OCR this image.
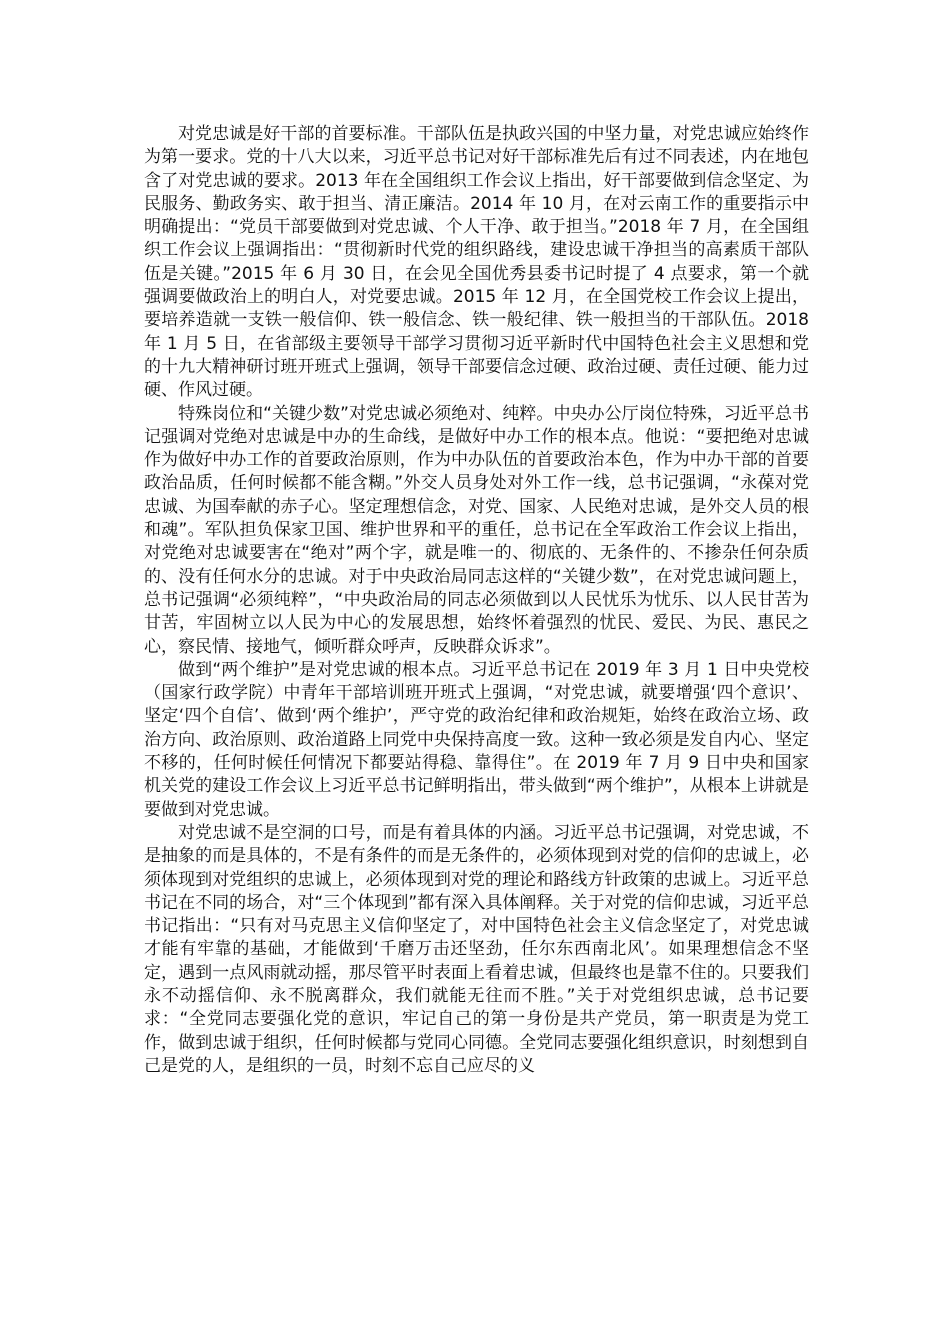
对党忠诚是好干部的首要标准。干部队伍是执政兴国的中坚力量，对党忠诚应始终作为第一要求。党的十八大以来，习近平总书记对好干部标准先后有过不同表述，内在地包含了对党忠诚的要求。2013 年在全国组织工作会议上指出，好干部要做到信念坚定、为民服务、勤政务实、敢于担当、清正廉洁。2014 年 10 月，在对云南工作的重要指示中明确提出：“党员干部要做到对党忠诚、个人干净、敢于担当。”2018 年 7 月，在全国组织工作会议上强调指出：“贯彻新时代党的组织路线，建设忠诚干净担当的高素质干部队伍是关键。”2015 年 6 月 30 日，在会见全国优秀县委书记时提了 4 点要求，第一个就强调要做政治上的明白人，对党要忠诚。2015 年 12 月，在全国党校工作会议上提出，要培养造就一支铁一般信仰、铁一般信念、铁一般纪律、铁一般担当的干部队伍。2018 年 1 月 5 日，在省部级主要领导干部学习贯彻习近平新时代中国特色社会主义思想和党的十九大精神研讨班开班式上强调，领导干部要信念过硬、政治过硬、责任过硬、能力过硬、作风过硬。

特殊岗位和“关键少数”对党忠诚必须绝对、纯粹。中央办公厅岗位特殊，习近平总书记强调对党绝对忠诚是中办的生命线，是做好中办工作的根本点。他说：“要把绝对忠诚作为做好中办工作的首要政治原则，作为中办队伍的首要政治本色，作为中办干部的首要政治品质，任何时候都不能含糊。”外交人员身处对外工作一线，总书记强调，“永葆对党忠诚、为国奉献的赤子心。坚定理想信念，对党、国家、人民绝对忠诚，是外交人员的根和魂”。军队担负保家卫国、维护世界和平的重任，总书记在全军政治工作会议上指出，对党绝对忠诚要害在“绝对”两个字，就是唯一的、彻底的、无条件的、不掺杂任何杂质的、没有任何水分的忠诚。对于中央政治局同志这样的“关键少数”，在对党忠诚问题上，总书记强调“必须纯粹”，“中央政治局的同志必须做到以人民忧乐为忧乐、以人民甘苦为甘苦，牢固树立以人民为中心的发展思想，始终怀着强烈的忧民、爱民、为民、惠民之心，察民情、接地气，倾听群众呼声，反映群众诉求”。

做到“两个维护”是对党忠诚的根本点。习近平总书记在 2019 年 3 月 1 日中央党校（国家行政学院）中青年干部培训班开班式上强调，“对党忠诚，就要增强‘四个意识’、坚定‘四个自信’、做到‘两个维护’，严守党的政治纪律和政治规矩，始终在政治立场、政治方向、政治原则、政治道路上同党中央保持高度一致。这种一致必须是发自内心、坚定不移的，任何时候任何情况下都要站得稳、靠得住”。在 2019 年 7 月 9 日中央和国家机关党的建设工作会议上习近平总书记鲜明指出，带头做到“两个维护”，从根本上讲就是要做到对党忠诚。

对党忠诚不是空洞的口号，而是有着具体的内涵。习近平总书记强调，对党忠诚，不是抽象的而是具体的，不是有条件的而是无条件的，必须体现到对党的信仰的忠诚上，必须体现到对党组织的忠诚上，必须体现到对党的理论和路线方针政策的忠诚上。习近平总书记在不同的场合，对“三个体现到”都有深入具体阐释。关于对党的信仰忠诚，习近平总书记指出：“只有对马克思主义信仰坚定了，对中国特色社会主义信念坚定了，对党忠诚才能有牢靠的基础，才能做到‘千磨万击还坚劲，任尔东西南北风’。如果理想信念不坚定，遇到一点风雨就动摇，那尽管平时表面上看着忠诚，但最终也是靠不住的。只要我们永不动摇信仰、永不脱离群众，我们就能无往而不胜。”关于对党组织忠诚，总书记要求：“全党同志要强化党的意识，牢记自己的第一身份是共产党员，第一职责是为党工作，做到忠诚于组织，任何时候都与党同心同德。全党同志要强化组织意识，时刻想到自己是党的人，是组织的一员，时刻不忘自己应尽的义
